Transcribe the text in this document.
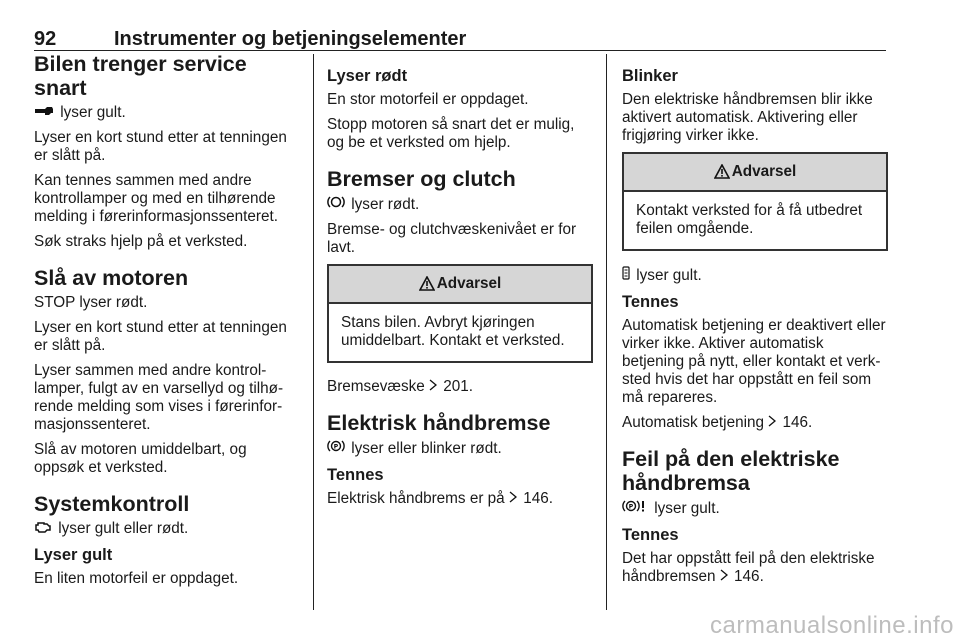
92	Instrumenter og betjeningselementer
Bilen trenger service snart

lyser gult.

Lyser en kort stund etter at tenningen er slått på.

Kan tennes sammen med andre kontrollamper og med en tilhørende melding i førerinformasjonssenteret.

Søk straks hjelp på et verksted.

Slå av motoren

STOP lyser rødt.

Lyser en kort stund etter at tenningen er slått på.

Lyser sammen med andre kontrol-lamper, fulgt av en varsellyd og tilhø-rende melding som vises i førerinfor-masjonssenteret.

Slå av motoren umiddelbart, og oppsøk et verksted.

Systemkontroll

lyser gult eller rødt.

Lyser gult

En liten motorfeil er oppdaget.

Lyser rødt

En stor motorfeil er oppdaget.

Stopp motoren så snart det er mulig, og be et verksted om hjelp.

Bremser og clutch

lyser rødt.

Bremse- og clutchvæskenivået er for lavt.

Advarsel
Stans bilen. Avbryt kjøringen umiddelbart. Kontakt et verksted.

Bremsevæske 201.

Elektrisk håndbremse

P lyser eller blinker rødt.

Tennes

Elektrisk håndbrems er på 146.

Blinker

Den elektriske håndbremsen blir ikke aktivert automatisk. Aktivering eller frigjøring virker ikke.

Advarsel
Kontakt verksted for å få utbedret feilen omgående.

lyser gult.

Tennes

Automatisk betjening er deaktivert eller virker ikke. Aktiver automatisk betjening på nytt, eller kontakt et verk-sted hvis det har oppstått en feil som må repareres.

Automatisk betjening 146.

Feil på den elektriske håndbremsa

P lyser gult.

Tennes

Det har oppstått feil på den elektriske håndbremsen 146.

carmanualsonline.info
